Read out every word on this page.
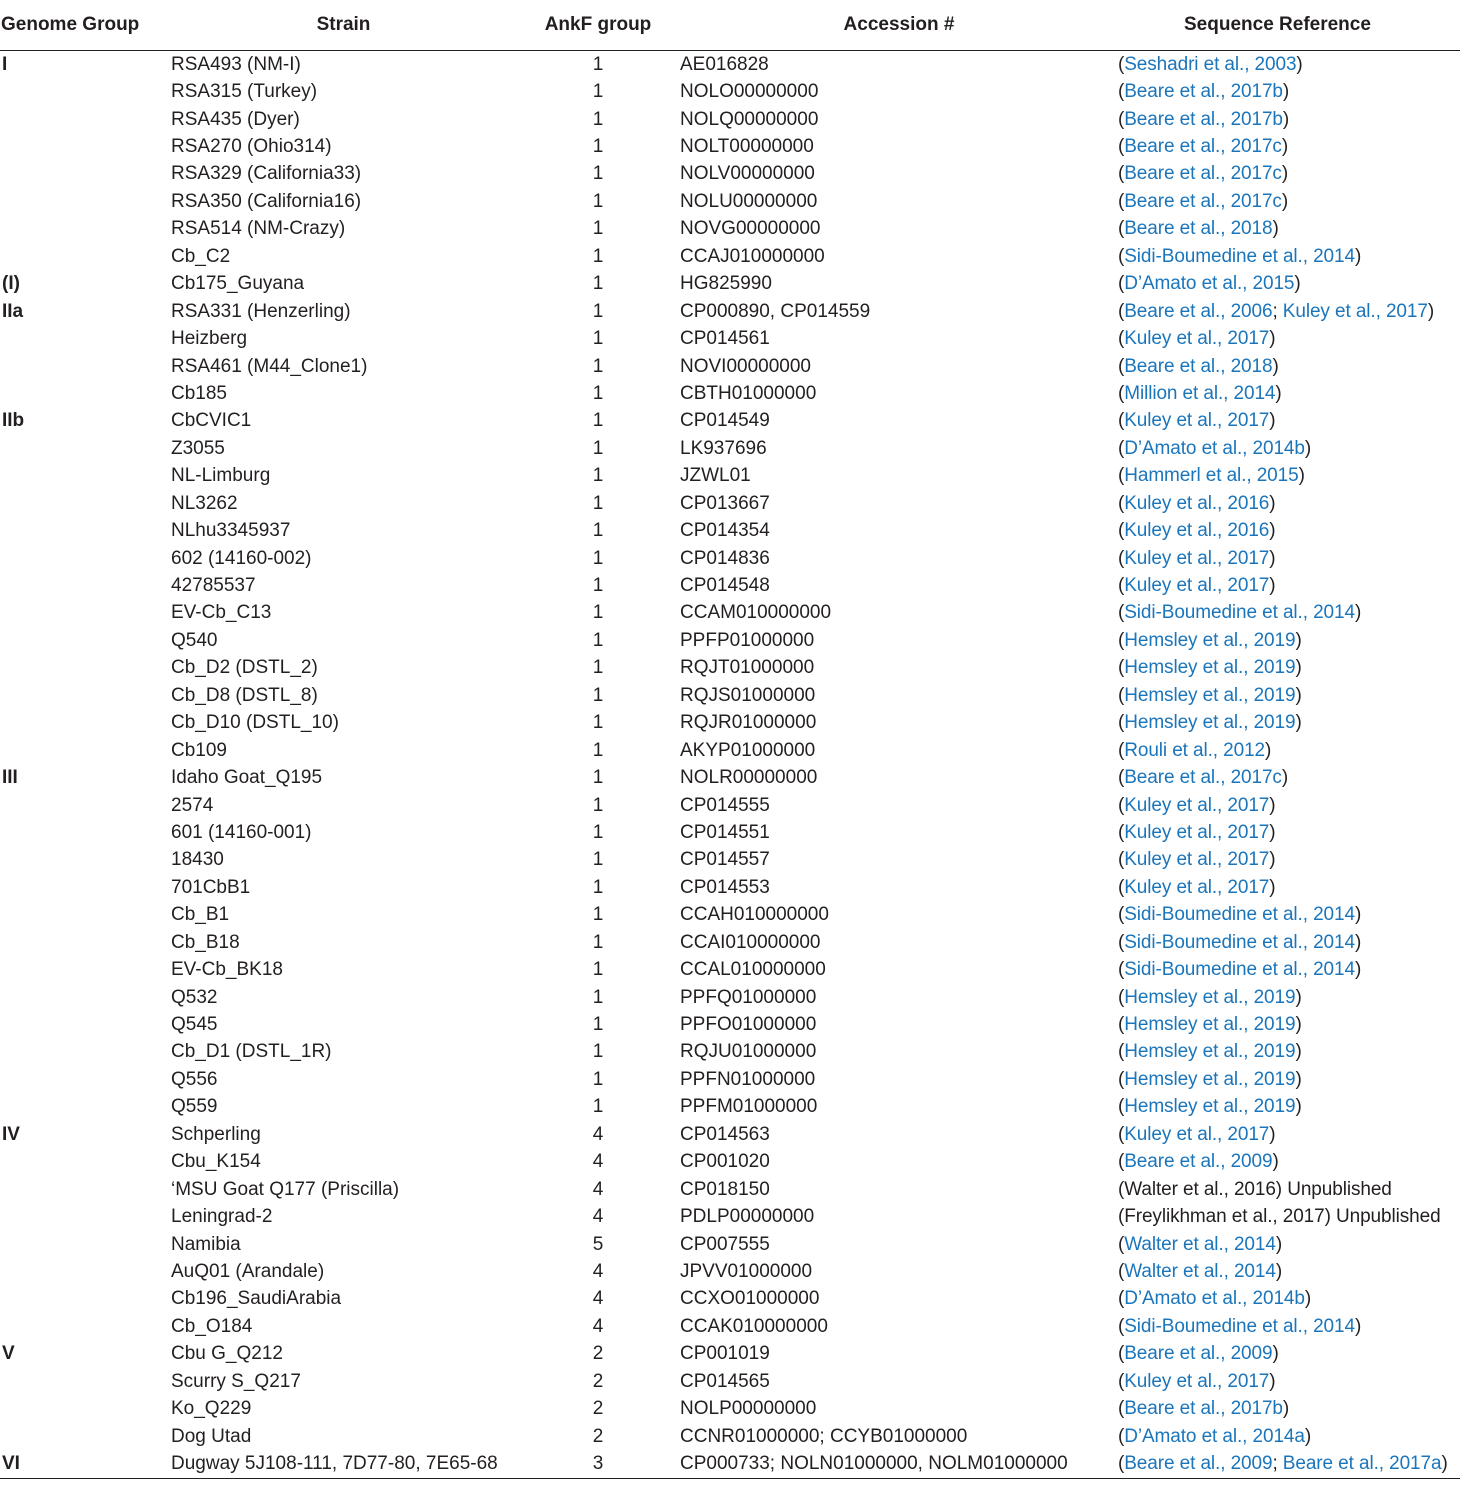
Genome Group	Strain	AnkF group	Accession #	Sequence Reference
I	RSA493 (NM-I)	1	AE016828	(Seshadri et al., 2003)
	RSA315 (Turkey)	1	NOLO00000000	(Beare et al., 2017b)
	RSA435 (Dyer)	1	NOLQ00000000	(Beare et al., 2017b)
	RSA270 (Ohio314)	1	NOLT00000000	(Beare et al., 2017c)
	RSA329 (California33)	1	NOLV00000000	(Beare et al., 2017c)
	RSA350 (California16)	1	NOLU00000000	(Beare et al., 2017c)
	RSA514 (NM-Crazy)	1	NOVG00000000	(Beare et al., 2018)
	Cb_C2	1	CCAJ010000000	(Sidi-Boumedine et al., 2014)
(I)	Cb175_Guyana	1	HG825990	(D’Amato et al., 2015)
IIa	RSA331 (Henzerling)	1	CP000890, CP014559	(Beare et al., 2006; Kuley et al., 2017)
	Heizberg	1	CP014561	(Kuley et al., 2017)
	RSA461 (M44_Clone1)	1	NOVI00000000	(Beare et al., 2018)
	Cb185	1	CBTH01000000	(Million et al., 2014)
IIb	CbCVIC1	1	CP014549	(Kuley et al., 2017)
	Z3055	1	LK937696	(D’Amato et al., 2014b)
	NL-Limburg	1	JZWL01	(Hammerl et al., 2015)
	NL3262	1	CP013667	(Kuley et al., 2016)
	NLhu3345937	1	CP014354	(Kuley et al., 2016)
	602 (14160-002)	1	CP014836	(Kuley et al., 2017)
	42785537	1	CP014548	(Kuley et al., 2017)
	EV-Cb_C13	1	CCAM010000000	(Sidi-Boumedine et al., 2014)
	Q540	1	PPFP01000000	(Hemsley et al., 2019)
	Cb_D2 (DSTL_2)	1	RQJT01000000	(Hemsley et al., 2019)
	Cb_D8 (DSTL_8)	1	RQJS01000000	(Hemsley et al., 2019)
	Cb_D10 (DSTL_10)	1	RQJR01000000	(Hemsley et al., 2019)
	Cb109	1	AKYP01000000	(Rouli et al., 2012)
III	Idaho Goat_Q195	1	NOLR00000000	(Beare et al., 2017c)
	2574	1	CP014555	(Kuley et al., 2017)
	601 (14160-001)	1	CP014551	(Kuley et al., 2017)
	18430	1	CP014557	(Kuley et al., 2017)
	701CbB1	1	CP014553	(Kuley et al., 2017)
	Cb_B1	1	CCAH010000000	(Sidi-Boumedine et al., 2014)
	Cb_B18	1	CCAI010000000	(Sidi-Boumedine et al., 2014)
	EV-Cb_BK18	1	CCAL010000000	(Sidi-Boumedine et al., 2014)
	Q532	1	PPFQ01000000	(Hemsley et al., 2019)
	Q545	1	PPFO01000000	(Hemsley et al., 2019)
	Cb_D1 (DSTL_1R)	1	RQJU01000000	(Hemsley et al., 2019)
	Q556	1	PPFN01000000	(Hemsley et al., 2019)
	Q559	1	PPFM01000000	(Hemsley et al., 2019)
IV	Schperling	4	CP014563	(Kuley et al., 2017)
	Cbu_K154	4	CP001020	(Beare et al., 2009)
	‘MSU Goat Q177 (Priscilla)	4	CP018150	(Walter et al., 2016) Unpublished
	Leningrad-2	4	PDLP00000000	(Freylikhman et al., 2017) Unpublished
	Namibia	5	CP007555	(Walter et al., 2014)
	AuQ01 (Arandale)	4	JPVV01000000	(Walter et al., 2014)
	Cb196_SaudiArabia	4	CCXO01000000	(D’Amato et al., 2014b)
	Cb_O184	4	CCAK010000000	(Sidi-Boumedine et al., 2014)
V	Cbu G_Q212	2	CP001019	(Beare et al., 2009)
	Scurry S_Q217	2	CP014565	(Kuley et al., 2017)
	Ko_Q229	2	NOLP00000000	(Beare et al., 2017b)
	Dog Utad	2	CCNR01000000; CCYB01000000	(D’Amato et al., 2014a)
VI	Dugway 5J108-111, 7D77-80, 7E65-68	3	CP000733; NOLN01000000, NOLM01000000	(Beare et al., 2009; Beare et al., 2017a)
